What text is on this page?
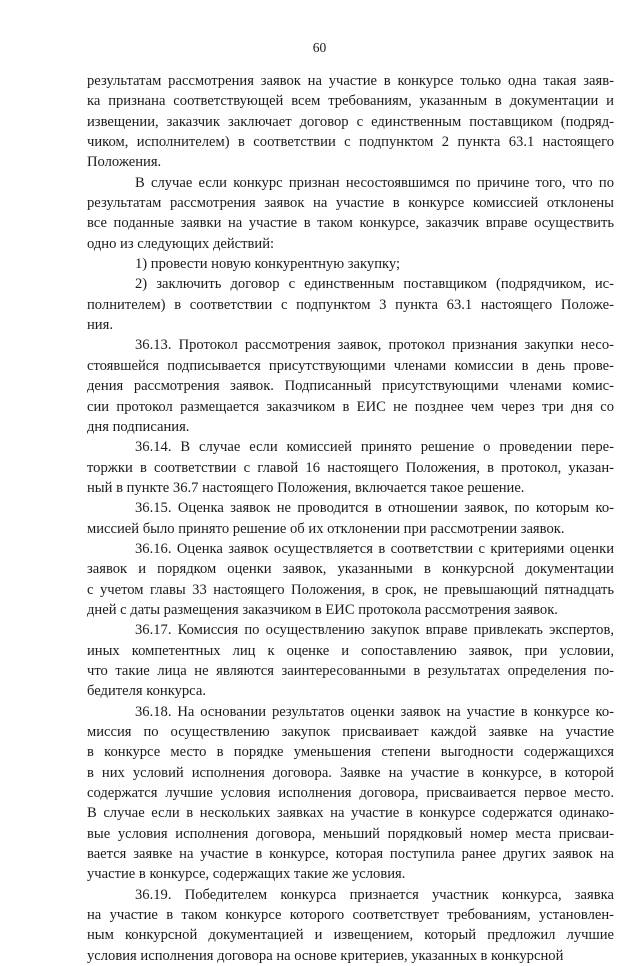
60
результатам рассмотрения заявок на участие в конкурсе только одна такая заяв-
ка признана соответствующей всем требованиям, указанным в документации и
извещении, заказчик заключает договор с единственным поставщиком (подряд-
чиком, исполнителем) в соответствии с подпунктом 2 пункта 63.1 настоящего
Положения.
В случае если конкурс признан несостоявшимся по причине того, что по
результатам рассмотрения заявок на участие в конкурсе комиссией отклонены
все поданные заявки на участие в таком конкурсе, заказчик вправе осуществить
одно из следующих действий:
1) провести новую конкурентную закупку;
2) заключить договор с единственным поставщиком (подрядчиком, ис-
полнителем) в соответствии с подпунктом 3 пункта 63.1 настоящего Положе-
ния.
36.13. Протокол рассмотрения заявок, протокол признания закупки несо-
стоявшейся подписывается присутствующими членами комиссии в день прове-
дения рассмотрения заявок. Подписанный присутствующими членами комис-
сии протокол размещается заказчиком в ЕИС не позднее чем через три дня со
дня подписания.
36.14. В случае если комиссией принято решение о проведении пере-
торжки в соответствии с главой 16 настоящего Положения, в протокол, указан-
ный в пункте 36.7 настоящего Положения, включается такое решение.
36.15. Оценка заявок не проводится в отношении заявок, по которым ко-
миссией было принято решение об их отклонении при рассмотрении заявок.
36.16. Оценка заявок осуществляется в соответствии с критериями оценки
заявок и порядком оценки заявок, указанными в конкурсной документации
с учетом главы 33 настоящего Положения, в срок, не превышающий пятнадцать
дней с даты размещения заказчиком в ЕИС протокола рассмотрения заявок.
36.17. Комиссия по осуществлению закупок вправе привлекать экспертов,
иных компетентных лиц к оценке и сопоставлению заявок, при условии,
что такие лица не являются заинтересованными в результатах определения по-
бедителя конкурса.
36.18. На основании результатов оценки заявок на участие в конкурсе ко-
миссия по осуществлению закупок присваивает каждой заявке на участие
в конкурсе место в порядке уменьшения степени выгодности содержащихся
в них условий исполнения договора. Заявке на участие в конкурсе, в которой
содержатся лучшие условия исполнения договора, присваивается первое место.
В случае если в нескольких заявках на участие в конкурсе содержатся одинако-
вые условия исполнения договора, меньший порядковый номер места присваи-
вается заявке на участие в конкурсе, которая поступила ранее других заявок на
участие в конкурсе, содержащих такие же условия.
36.19. Победителем конкурса признается участник конкурса, заявка
на участие в таком конкурсе которого соответствует требованиям, установлен-
ным конкурсной документацией и извещением, который предложил лучшие
условия исполнения договора на основе критериев, указанных в конкурсной
